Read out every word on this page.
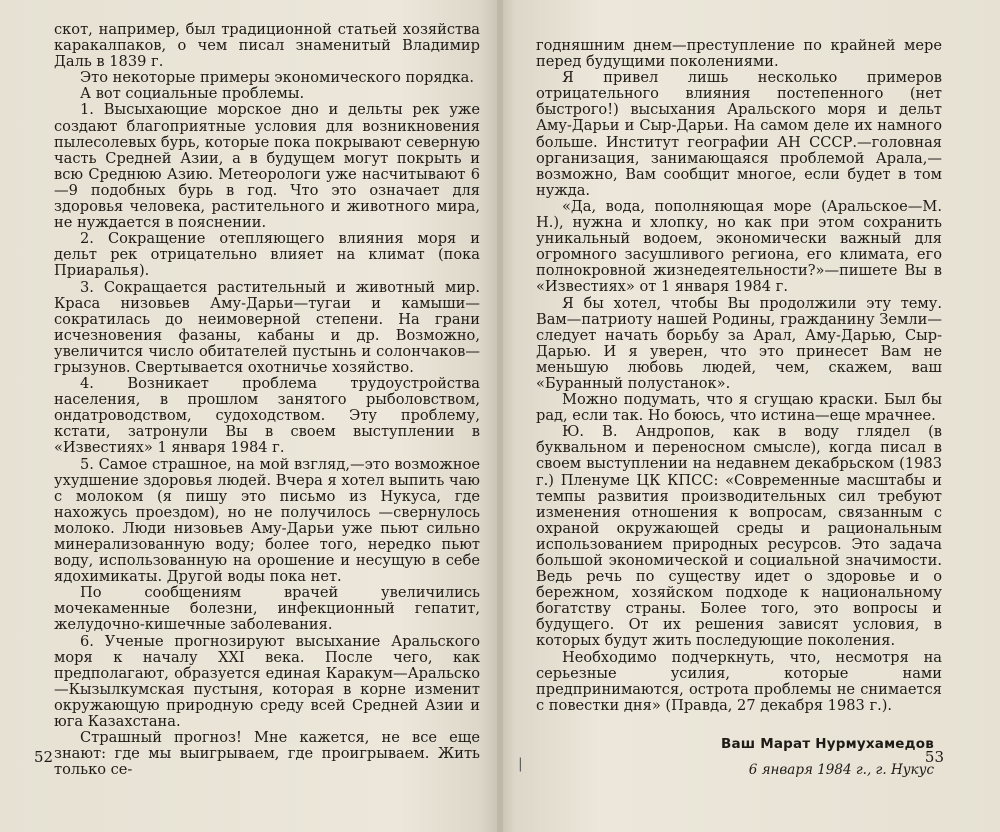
скот, например, был традиционной статьей хозяйства каракалпаков, о чем писал знаменитый Владимир Даль в 1839 г.

Это некоторые примеры экономического порядка.

А вот социальные проблемы.

1. Высыхающие морское дно и дельты рек уже создают благоприятные условия для возникновения пылесолевых бурь, которые пока покрывают северную часть Средней Азии, а в будущем могут покрыть и всю Среднюю Азию. Метеорологи уже насчитывают 6—9 подобных бурь в год. Что это означает для здоровья человека, растительного и животного мира, не нуждается в пояснении.

2. Сокращение отепляющего влияния моря и дельт рек отрицательно влияет на климат (пока Приаралья).

3. Сокращается растительный и животный мир. Краса низовьев Аму-Дарьи—тугаи и камыши—сократилась до неимоверной степени. На грани исчезновения фазаны, кабаны и др. Возможно, увеличится число обитателей пустынь и солончаков—грызунов. Свертывается охотничье хозяйство.

4. Возникает проблема трудоустройства населения, в прошлом занятого рыболовством, ондатроводством, судоходством. Эту проблему, кстати, затронули Вы в своем выступлении в «Известиях» 1 января 1984 г.

5. Самое страшное, на мой взгляд,—это возможное ухудшение здоровья людей. Вчера я хотел выпить чаю с молоком (я пишу это письмо из Нукуса, где нахожусь проездом), но не получилось —свернулось молоко. Люди низовьев Аму-Дарьи уже пьют сильно минерализованную воду; более того, нередко пьют воду, использованную на орошение и несущую в себе ядохимикаты. Другой воды пока нет.

По сообщениям врачей увеличились мочекаменные болезни, инфекционный гепатит, желудочно-кишечные заболевания.

6. Ученые прогнозируют высыхание Аральского моря к началу XXI века. После чего, как предполагают, образуется единая Каракум—Аральско—Кызылкумская пустыня, которая в корне изменит окружающую природную среду всей Средней Азии и юга Казахстана.

Страшный прогноз! Мне кажется, не все еще знают: где мы выигрываем, где проигрываем. Жить только се-

52

годняшним днем—преступление по крайней мере перед будущими поколениями.

Я привел лишь несколько примеров отрицательного влияния постепенного (нет быстрого!) высыхания Аральского моря и дельт Аму-Дарьи и Сыр-Дарьи. На самом деле их намного больше. Институт географии АН СССР.—головная организация, занимающаяся проблемой Арала,—возможно, Вам сообщит многое, если будет в том нужда.

«Да, вода, пополняющая море (Аральское—М. Н.), нужна и хлопку, но как при этом сохранить уникальный водоем, экономически важный для огромного засушливого региона, его климата, его полнокровной жизнедеятельности?»—пишете Вы в «Известиях» от 1 января 1984 г.

Я бы хотел, чтобы Вы продолжили эту тему. Вам—патриоту нашей Родины, гражданину Земли—следует начать борьбу за Арал, Аму-Дарью, Сыр-Дарью. И я уверен, что это принесет Вам не меньшую любовь людей, чем, скажем, ваш «Буранный полустанок».

Можно подумать, что я сгущаю краски. Был бы рад, если так. Но боюсь, что истина—еще мрачнее.

Ю. В. Андропов, как в воду глядел (в буквальном и переносном смысле), когда писал в своем выступлении на недавнем декабрьском (1983 г.) Пленуме ЦК КПСС: «Современные масштабы и темпы развития производительных сил требуют изменения отношения к вопросам, связанным с охраной окружающей среды и рациональным использованием природных ресурсов. Это задача большой экономической и социальной значимости. Ведь речь по существу идет о здоровье и о бережном, хозяйском подходе к национальному богатству страны. Более того, это вопросы и будущего. От их решения зависят условия, в которых будут жить последующие поколения.

Необходимо подчеркнуть, что, несмотря на серьезные усилия, которые нами предпринимаются, острота проблемы не снимается с повестки дня» (Правда, 27 декабря 1983 г.).

Ваш Марат Нурмухамедов
6 января 1984 г., г. Нукус
|	53
